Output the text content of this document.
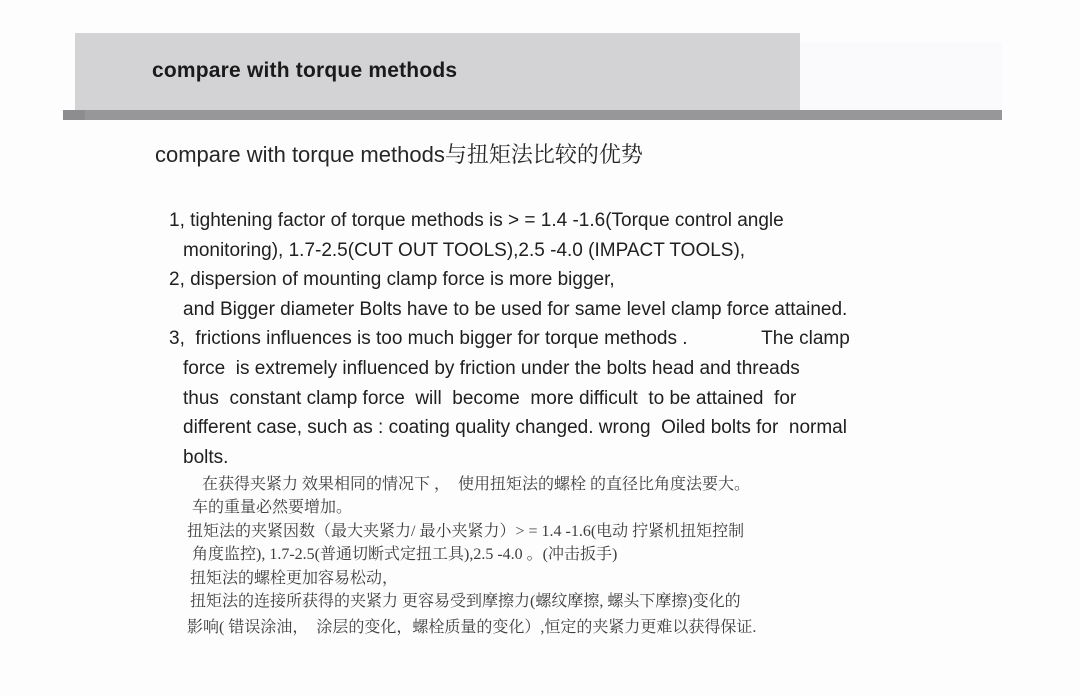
compare with torque methods
compare with torque methods与扭矩法比较的优势
1, tightening factor of torque methods is > = 1.4 -1.6(Torque control angle
monitoring), 1.7-2.5(CUT OUT TOOLS),2.5 -4.0 (IMPACT TOOLS),
2, dispersion of mounting clamp force is more bigger,
and Bigger diameter Bolts have to be used for same level clamp force attained.
3,  frictions influences is too much bigger for torque methods .              The clamp
force  is extremely influenced by friction under the bolts head and threads
thus  constant clamp force  will  become  more difficult  to be attained  for
different case, such as : coating quality changed. wrong  Oiled bolts for  normal
bolts.
在获得夹紧力 效果相同的情况下 ，  使用扭矩法的螺栓 的直径比角度法要大。
车的重量必然要增加。
扭矩法的夹紧因数（最大夹紧力/ 最小夹紧力）> = 1.4 -1.6(电动 拧紧机扭矩控制
角度监控), 1.7-2.5(普通切断式定扭工具),2.5 -4.0 。(冲击扳手)
扭矩法的螺栓更加容易松动，
扭矩法的连接所获得的夹紧力 更容易受到摩擦力(螺纹摩擦, 螺头下摩擦)变化的
影响( 错误涂油，  涂层的变化，螺栓质量的变化）,恒定的夹紧力更难以获得保证.
